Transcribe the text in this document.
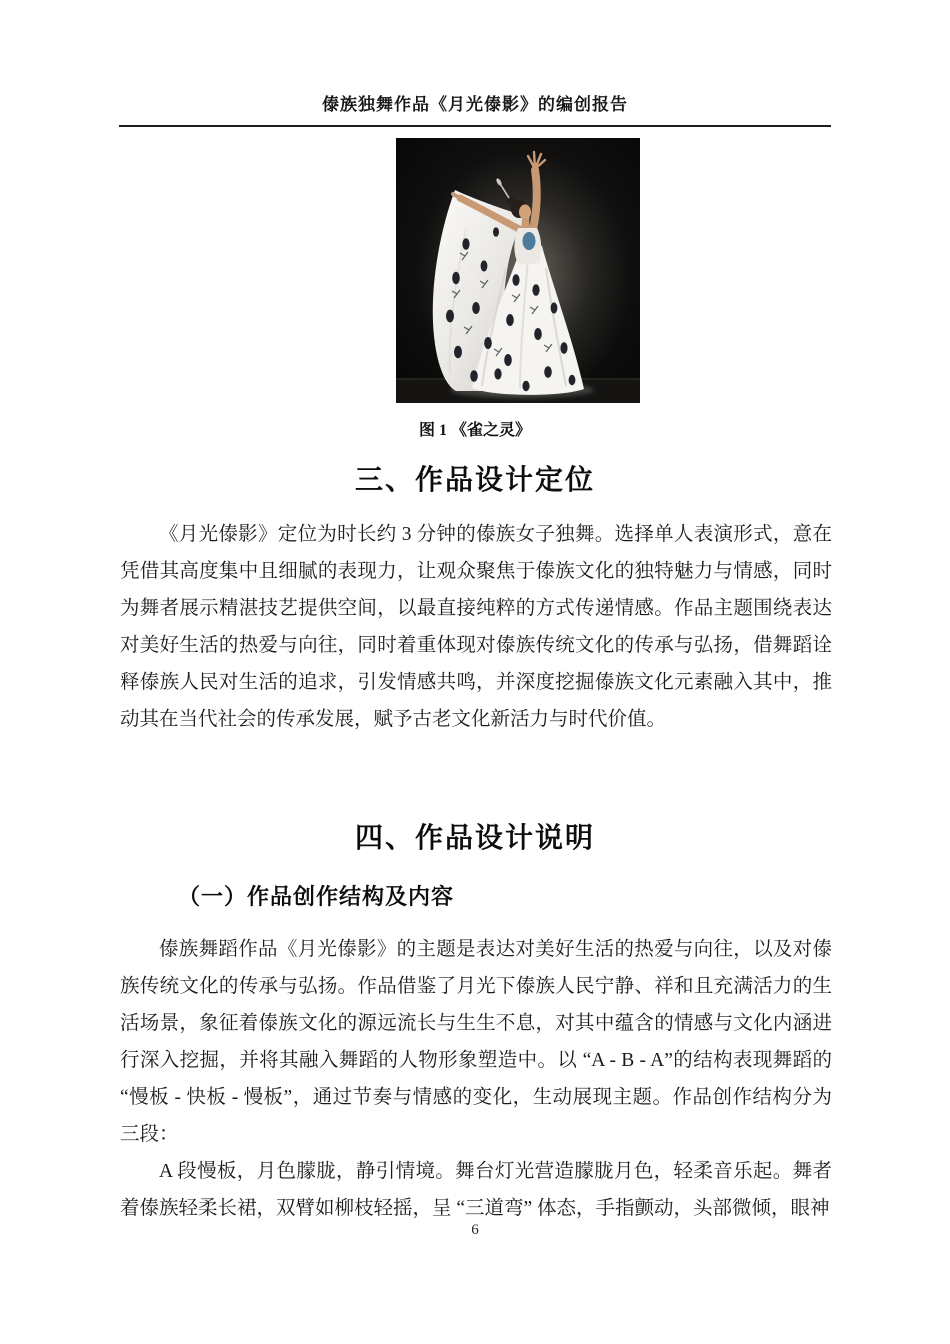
傣族独舞作品《月光傣影》的编创报告
图 1 《雀之灵》
三、作品设计定位

《月光傣影》定位为时长约 3 分钟的傣族女子独舞。选择单人表演形式，意在凭借其高度集中且细腻的表现力，让观众聚焦于傣族文化的独特魅力与情感，同时为舞者展示精湛技艺提供空间，以最直接纯粹的方式传递情感。作品主题围绕表达对美好生活的热爱与向往，同时着重体现对傣族传统文化的传承与弘扬，借舞蹈诠释傣族人民对生活的追求，引发情感共鸣，并深度挖掘傣族文化元素融入其中，推动其在当代社会的传承发展，赋予古老文化新活力与时代价值。

四、作品设计说明
（一）作品创作结构及内容

傣族舞蹈作品《月光傣影》的主题是表达对美好生活的热爱与向往，以及对傣族传统文化的传承与弘扬。作品借鉴了月光下傣族人民宁静、祥和且充满活力的生活场景，象征着傣族文化的源远流长与生生不息，对其中蕴含的情感与文化内涵进行深入挖掘，并将其融入舞蹈的人物形象塑造中。以 “A - B - A”的结构表现舞蹈的 “慢板 - 快板 - 慢板”，通过节奏与情感的变化，生动展现主题。作品创作结构分为三段：

A 段慢板，月色朦胧，静引情境。舞台灯光营造朦胧月色，轻柔音乐起。舞者着傣族轻柔长裙，双臂如柳枝轻摇，呈 “三道弯” 体态，手指颤动，头部微倾，眼神

6
